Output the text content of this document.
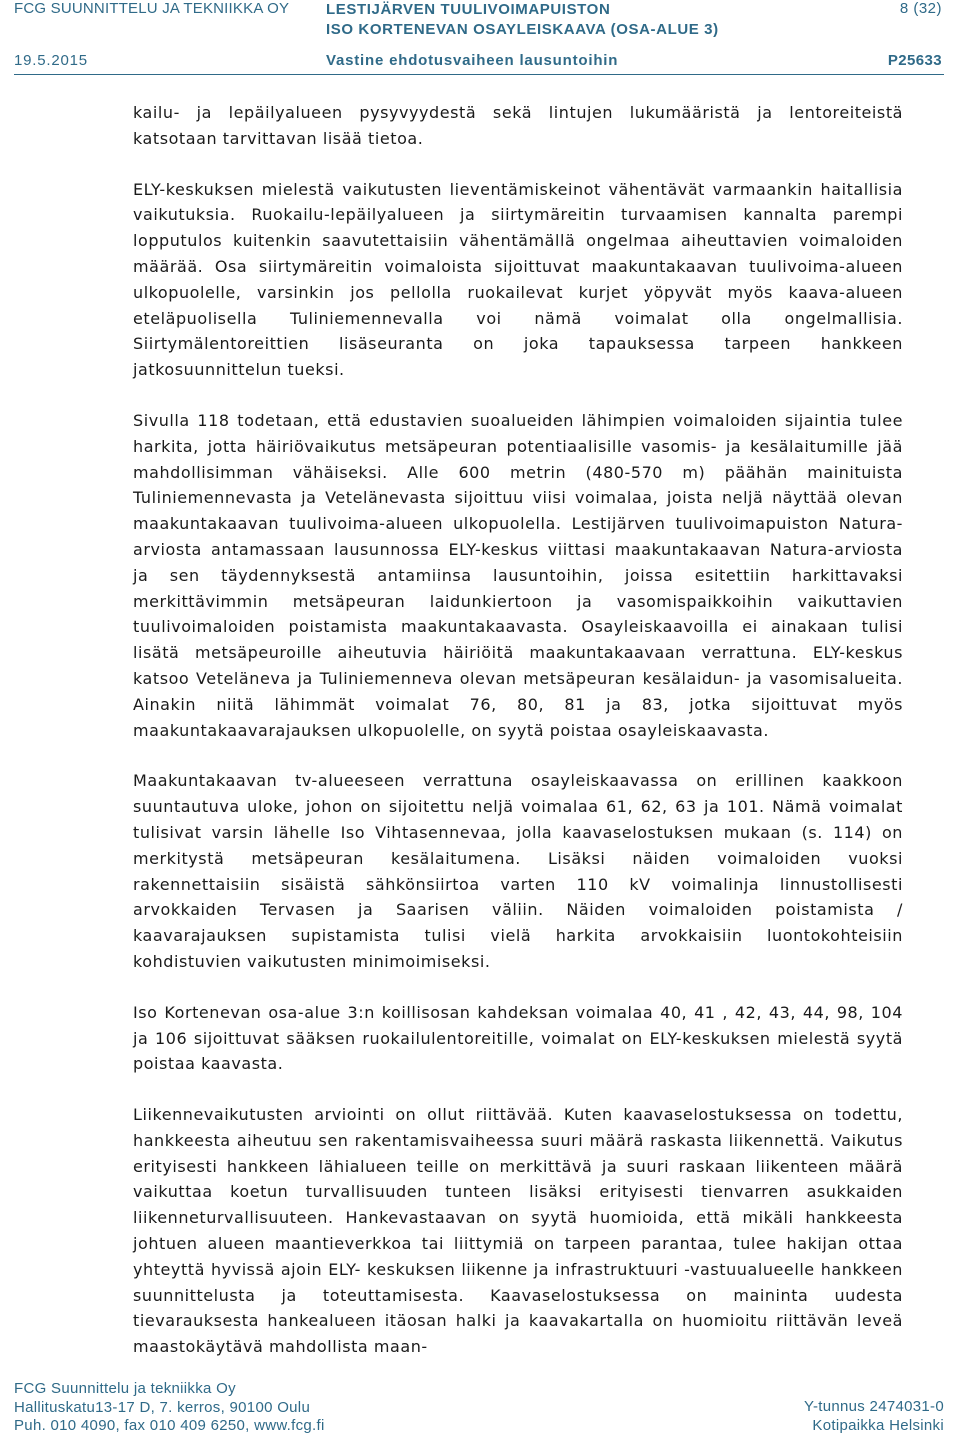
FCG SUUNNITTELU JA TEKNIIKKA OY LESTIJÄRVEN TUULIVOIMAPUISTON
ISO KORTENEVAN OSAYLEISKAAVA (OSA-ALUE 3)
8 (32)
19.5.2015	Vastine ehdotusvaiheen lausuntoihin	P25633

kailu- ja lepäilyalueen pysyvyydestä sekä lintujen lukumääristä ja lentoreiteistä katsotaan tarvittavan lisää tietoa.

ELY-keskuksen mielestä vaikutusten lieventämiskeinot vähentävät varmaankin haitallisia vaikutuksia. Ruokailu-lepäilyalueen ja siirtymäreitin turvaamisen kannalta parempi lopputulos kuitenkin saavutettaisiin vähentämällä ongelmaa aiheuttavien voimaloiden määrää. Osa siirtymäreitin voimaloista sijoittuvat maakuntakaavan tuulivoima-alueen ulkopuolelle, varsinkin jos pellolla ruokailevat kurjet yöpyvät myös kaava-alueen eteläpuolisella Tuliniemennevalla voi nämä voimalat olla ongelmallisia. Siirtymälentoreittien lisäseuranta on joka tapauksessa tarpeen hankkeen jatkosuunnittelun tueksi.

Sivulla 118 todetaan, että edustavien suoalueiden lähimpien voimaloiden sijaintia tulee harkita, jotta häiriövaikutus metsäpeuran potentiaalisille vasomis- ja kesälaitumille jää mahdollisimman vähäiseksi. Alle 600 metrin (480-570 m) päähän mainituista Tuliniemennevasta ja Vetelänevasta sijoittuu viisi voimalaa, joista neljä näyttää olevan maakuntakaavan tuulivoima-alueen ulkopuolella. Lestijärven tuulivoimapuiston Natura-arviosta antamassaan lausunnossa ELY-keskus viittasi maakuntakaavan Natura-arviosta ja sen täydennyksestä antamiinsa lausuntoihin, joissa esitettiin harkittavaksi merkittävimmin metsäpeuran laidunkiertoon ja vasomispaikkoihin vaikuttavien tuulivoimaloiden poistamista maakuntakaavasta. Osayleiskaavoilla ei ainakaan tulisi lisätä metsäpeuroille aiheutuvia häiriöitä maakuntakaavaan verrattuna. ELY-keskus katsoo Veteläneva ja Tuliniemenneva olevan metsäpeuran kesälaidun- ja vasomisalueita. Ainakin niitä lähimmät voimalat 76, 80, 81 ja 83, jotka sijoittuvat myös maakuntakaavarajauksen ulkopuolelle, on syytä poistaa osayleiskaavasta.

Maakuntakaavan tv-alueeseen verrattuna osayleiskaavassa on erillinen kaakkoon suuntautuva uloke, johon on sijoitettu neljä voimalaa 61, 62, 63 ja 101. Nämä voimalat tulisivat varsin lähelle Iso Vihtasennevaa, jolla kaavaselostuksen mukaan (s. 114) on merkitystä metsäpeuran kesälaitumena. Lisäksi näiden voimaloiden vuoksi rakennettaisiin sisäistä sähkönsiirtoa varten 110 kV voimalinja linnustollisesti arvokkaiden Tervasen ja Saarisen väliin. Näiden voimaloiden poistamista / kaavarajauksen supistamista tulisi vielä harkita arvokkaisiin luontokohteisiin kohdistuvien vaikutusten minimoimiseksi.

Iso Kortenevan osa-alue 3:n koillisosan kahdeksan voimalaa 40, 41 , 42, 43, 44, 98, 104 ja 106 sijoittuvat sääksen ruokailulentoreitille, voimalat on ELY-keskuksen mielestä syytä poistaa kaavasta.

Liikennevaikutusten arviointi on ollut riittävää. Kuten kaavaselostuksessa on todettu, hankkeesta aiheutuu sen rakentamisvaiheessa suuri määrä raskasta liikennettä. Vaikutus erityisesti hankkeen lähialueen teille on merkittävä ja suuri raskaan liikenteen määrä vaikuttaa koetun turvallisuuden tunteen lisäksi erityisesti tienvarren asukkaiden liikenneturvallisuuteen. Hankevastaavan on syytä huomioida, että mikäli hankkeesta johtuen alueen maantieverkkoa tai liittymiä on tarpeen parantaa, tulee hakijan ottaa yhteyttä hyvissä ajoin ELY- keskuksen liikenne ja infrastruktuuri -vastuualueelle hankkeen suunnittelusta ja toteuttamisesta. Kaavaselostuksessa on mainintа uudesta tievarauksesta hankealueen itäosan halki ja kaavakartalla on huomioitu riittävän leveä maastokäytävä mahdollista maan-

FCG Suunnittelu ja tekniikka Oy
Hallituskatu13-17 D, 7. kerros, 90100 Oulu
Puh. 010 4090, fax 010 409 6250, www.fcg.fi
Y-tunnus 2474031-0
Kotipaikka Helsinki
